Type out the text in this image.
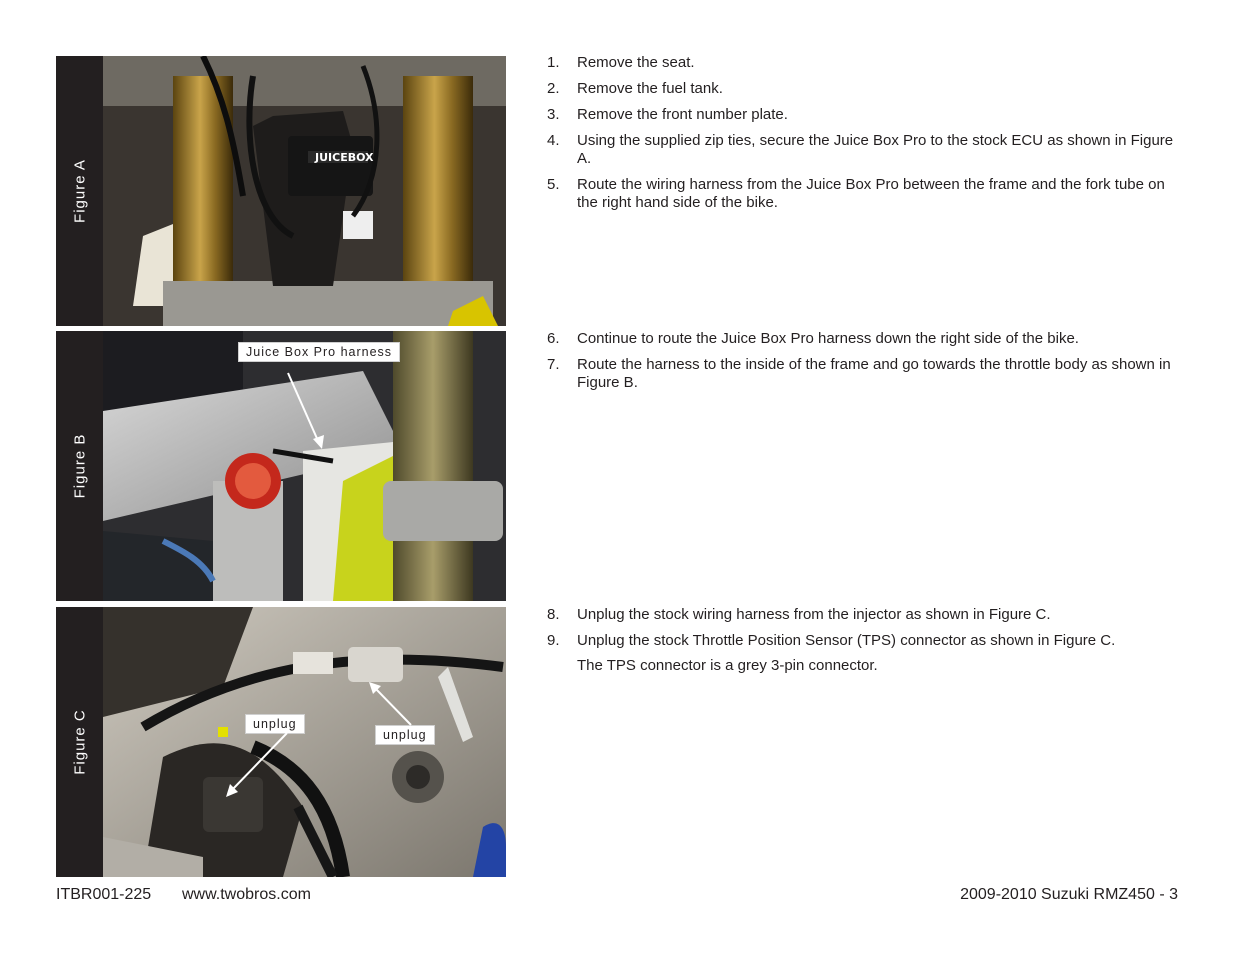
Figure A
JUICEBOX
Figure B
Juice Box Pro harness
Figure C	unplug
unplug
1. Remove the seat.
2. Remove the fuel tank.
3. Remove the front number plate.
4. Using the supplied zip ties, secure the Juice Box Pro to the stock ECU as shown in Figure A.
5. Route the wiring harness from the Juice Box Pro between the frame and the fork tube on the right hand side of the bike.
6. Continue to route the Juice Box Pro harness down the right side of the bike.
7. Route the harness to the inside of the frame and go towards the throttle body as shown in Figure B.
8. Unplug the stock wiring harness from the injector as shown in Figure C.
9. Unplug the stock Throttle Position Sensor (TPS) connector as shown in Figure C.
The TPS connector is a grey 3-pin connector.
ITBR001-225 www.twobros.com	2009-2010 Suzuki RMZ450 - 3
